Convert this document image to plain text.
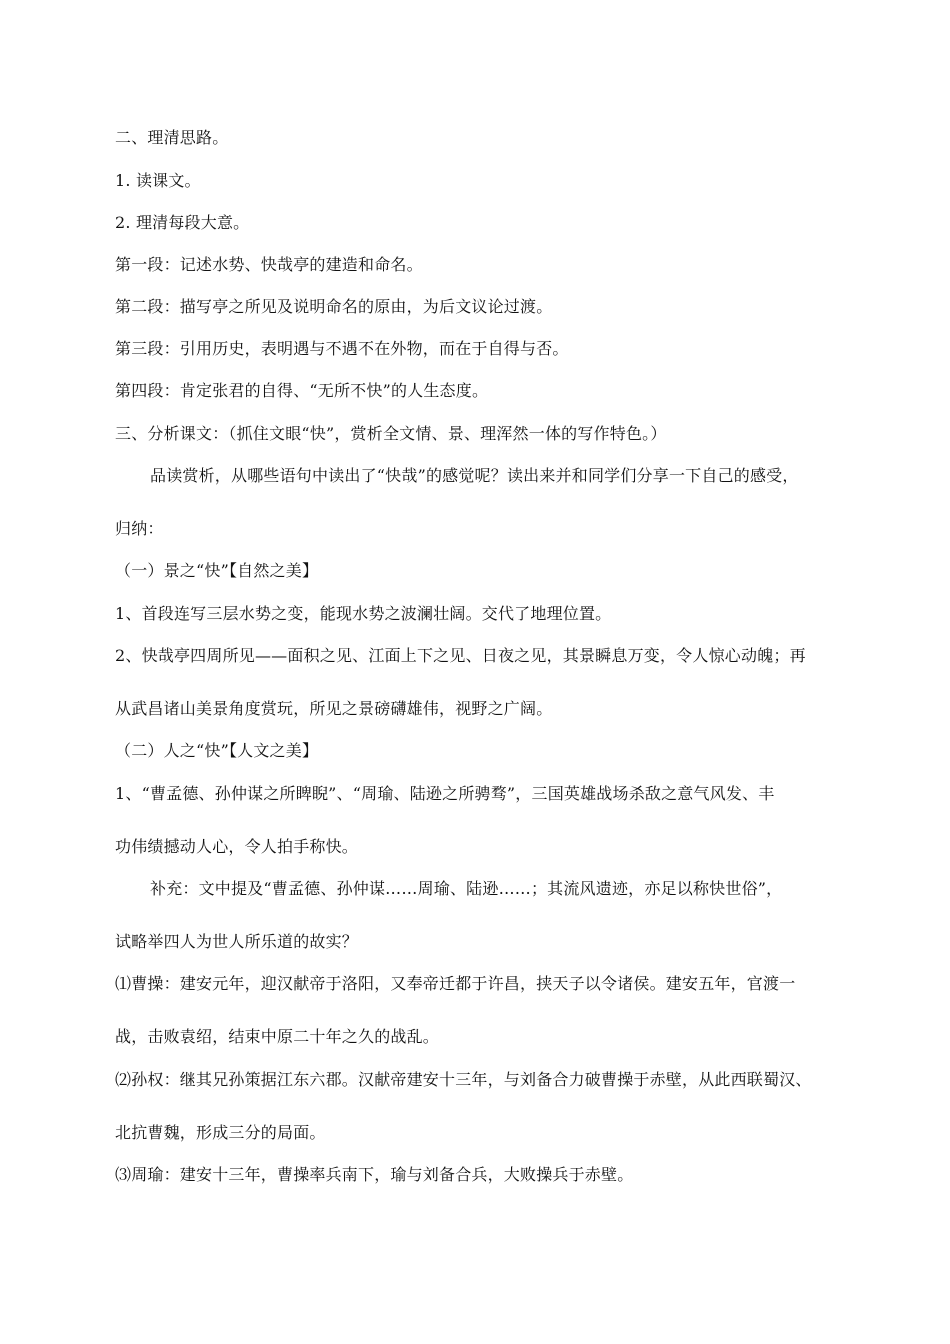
二、理清思路。
1. 读课文。
2. 理清每段大意。
第一段：记述水势、快哉亭的建造和命名。
第二段：描写亭之所见及说明命名的原由，为后文议论过渡。
第三段：引用历史，表明遇与不遇不在外物，而在于自得与否。
第四段：肯定张君的自得、“无所不快”的人生态度。
三、分析课文：（抓住文眼“快”，赏析全文情、景、理浑然一体的写作特色。）
品读赏析，从哪些语句中读出了“快哉”的感觉呢？读出来并和同学们分享一下自己的感受，
归纳：
（一）景之“快”【自然之美】
1、首段连写三层水势之变，能现水势之波澜壮阔。交代了地理位置。
2、快哉亭四周所见——面积之见、江面上下之见、日夜之见，其景瞬息万变，令人惊心动魄；再
从武昌诸山美景角度赏玩，所见之景磅礴雄伟，视野之广阔。
（二）人之“快”【人文之美】
1、“曹孟德、孙仲谋之所睥睨”、“周瑜、陆逊之所骋骛”，三国英雄战场杀敌之意气风发、丰
功伟绩撼动人心，令人拍手称快。
补充：文中提及“曹孟德、孙仲谋……周瑜、陆逊……；其流风遗迹，亦足以称快世俗”，
试略举四人为世人所乐道的故实？
⑴曹操：建安元年，迎汉献帝于洛阳，又奉帝迁都于许昌，挟天子以令诸侯。建安五年，官渡一
战，击败袁绍，结束中原二十年之久的战乱。
⑵孙权：继其兄孙策据江东六郡。汉献帝建安十三年，与刘备合力破曹操于赤壁，从此西联蜀汉、
北抗曹魏，形成三分的局面。
⑶周瑜：建安十三年，曹操率兵南下，瑜与刘备合兵，大败操兵于赤壁。
